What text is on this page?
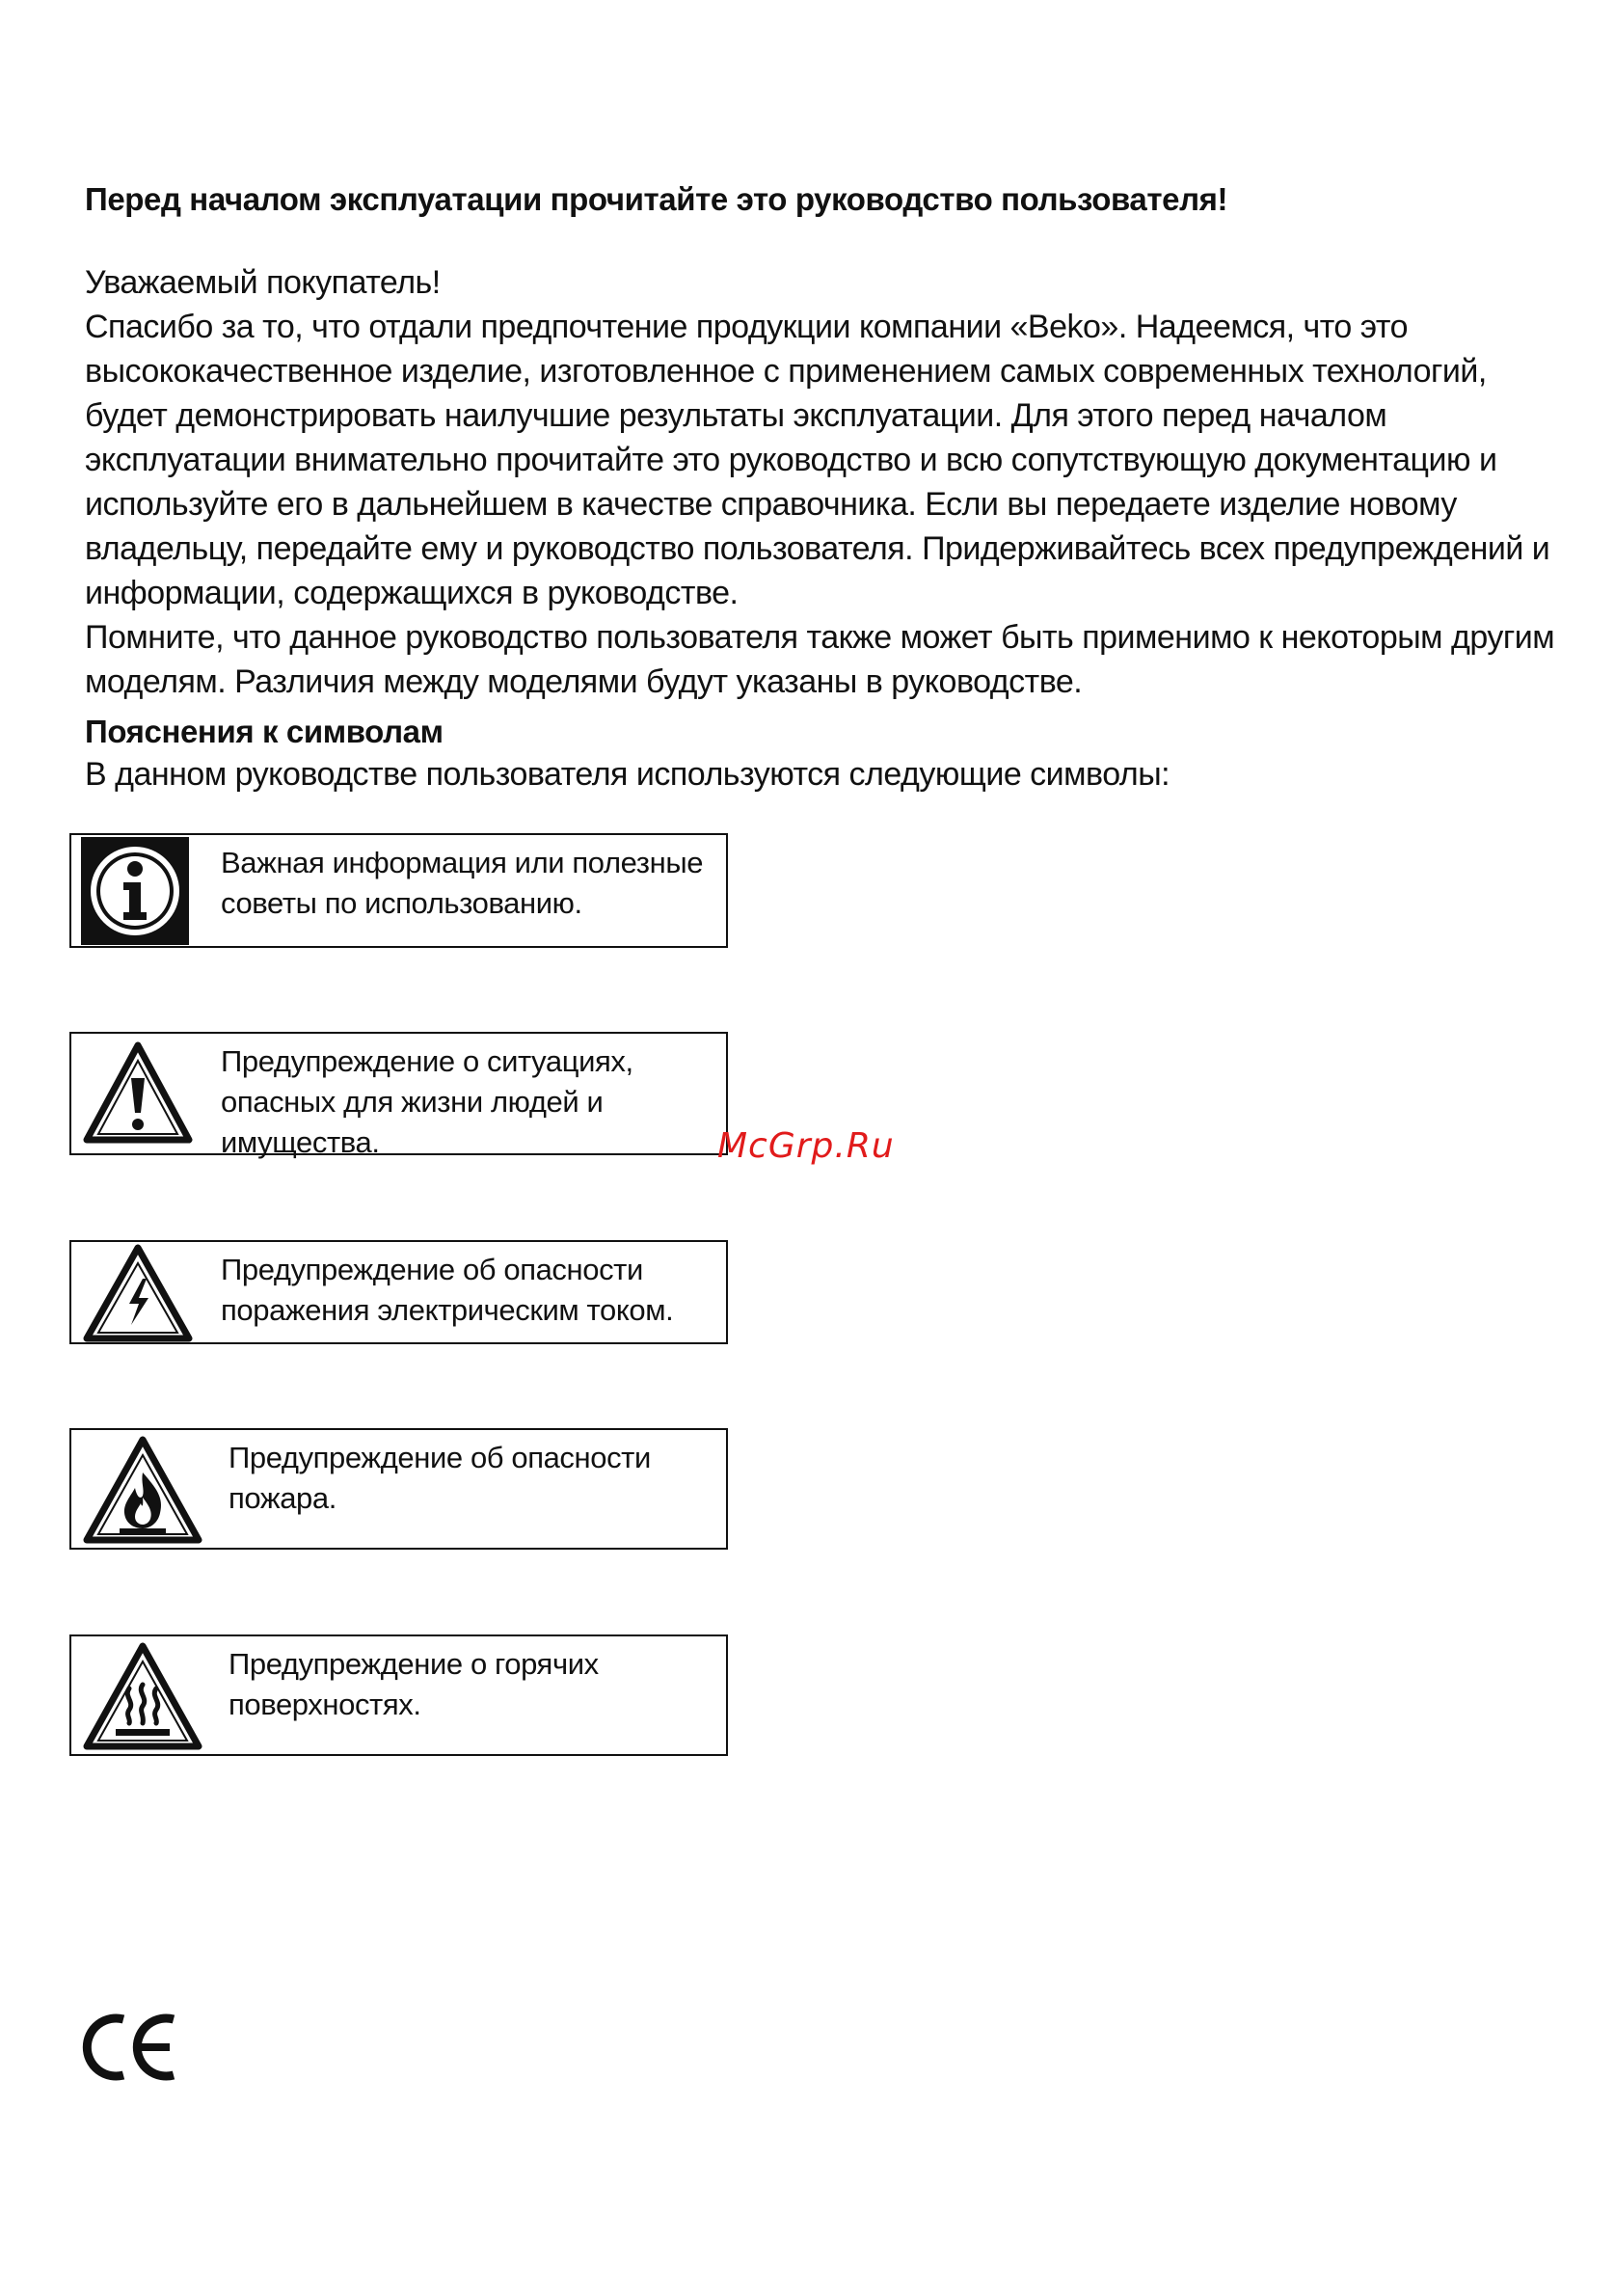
Перед началом эксплуатации прочитайте это руководство пользователя!

Уважаемый покупатель!

Спасибо за то, что отдали предпочтение продукции компании «Beko». Надеемся, что это высококачественное изделие, изготовленное с применением самых современных технологий, будет демонстрировать наилучшие результаты эксплуатации. Для этого перед началом эксплуатации внимательно прочитайте это руководство и всю сопутствующую документацию и используйте его в дальнейшем в качестве справочника. Если вы передаете изделие новому владельцу, передайте ему и руководство пользователя. Придерживайтесь всех предупреждений и информации, содержащихся в руководстве.

Помните, что данное руководство пользователя также может быть применимо к некоторым другим моделям. Различия между моделями будут указаны в руководстве.

Пояснения к символам
В данном руководстве пользователя используются следующие символы:
Важная информация или полезные советы по использованию.
Предупреждение о ситуациях, опасных для жизни людей и имущества.
Предупреждение об опасности поражения электрическим током.
Предупреждение об опасности пожара.
Предупреждение о горячих поверхностях.
McGrp.Ru
